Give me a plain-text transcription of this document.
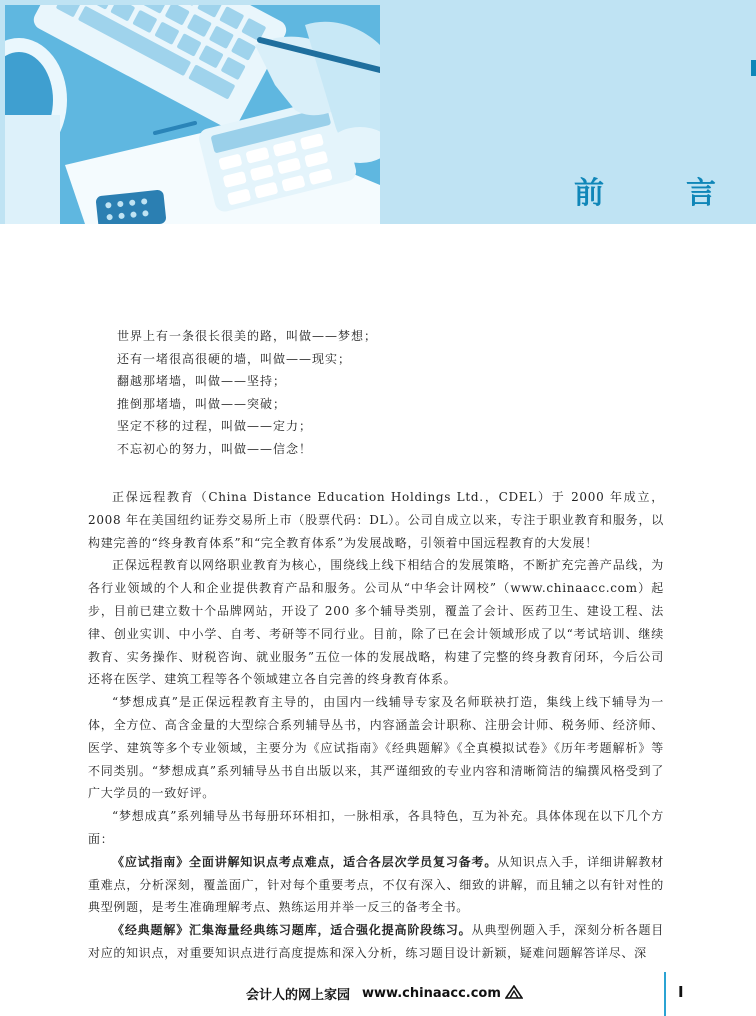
前　言
世界上有一条很长很美的路，叫做——梦想；
还有一堵很高很硬的墙，叫做——现实；
翻越那堵墙，叫做——坚持；
推倒那堵墙，叫做——突破；
坚定不移的过程，叫做——定力；
不忘初心的努力，叫做——信念！

正保远程教育（China Distance Education Holdings Ltd.，CDEL）于 2000 年成立，2008 年在美国纽约证券交易所上市（股票代码：DL）。公司自成立以来，专注于职业教育和服务，以构建完善的“终身教育体系”和“完全教育体系”为发展战略，引领着中国远程教育的大发展！

正保远程教育以网络职业教育为核心，围绕线上线下相结合的发展策略，不断扩充完善产品线，为各行业领域的个人和企业提供教育产品和服务。公司从“中华会计网校”（www.chinaacc.com）起步，目前已建立数十个品牌网站，开设了 200 多个辅导类别，覆盖了会计、医药卫生、建设工程、法律、创业实训、中小学、自考、考研等不同行业。目前，除了已在会计领域形成了以“考试培训、继续教育、实务操作、财税咨询、就业服务”五位一体的发展战略，构建了完整的终身教育闭环，今后公司还将在医学、建筑工程等各个领域建立各自完善的终身教育体系。

“梦想成真”是正保远程教育主导的，由国内一线辅导专家及名师联袂打造，集线上线下辅导为一体，全方位、高含金量的大型综合系列辅导丛书，内容涵盖会计职称、注册会计师、税务师、经济师、医学、建筑等多个专业领域，主要分为《应试指南》《经典题解》《全真模拟试卷》《历年考题解析》等不同类别。“梦想成真”系列辅导丛书自出版以来，其严谨细致的专业内容和清晰简洁的编撰风格受到了广大学员的一致好评。

“梦想成真”系列辅导丛书每册环环相扣，一脉相承，各具特色，互为补充。具体体现在以下几个方面：

《应试指南》全面讲解知识点考点难点，适合各层次学员复习备考。从知识点入手，详细讲解教材重难点，分析深刻，覆盖面广，针对每个重要考点，不仅有深入、细致的讲解，而且辅之以有针对性的典型例题，是考生准确理解考点、熟练运用并举一反三的备考全书。

《经典题解》汇集海量经典练习题库，适合强化提高阶段练习。从典型例题入手，深刻分析各题目对应的知识点，对重要知识点进行高度提炼和深入分析，练习题目设计新颖，疑难问题解答详尽、深

会计人的网上家园 www.chinaacc.com	I
